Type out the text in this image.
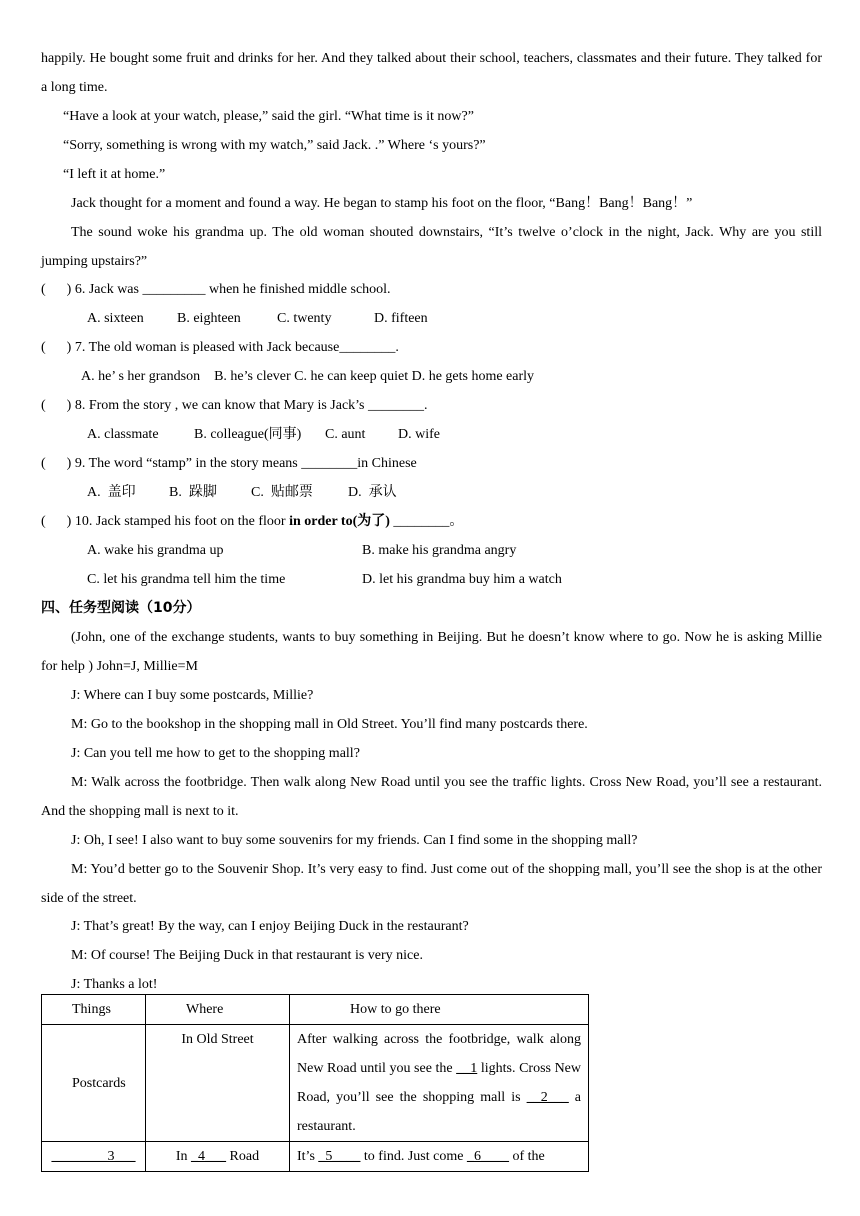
happily. He bought some fruit and drinks for her. And they talked about their school, teachers, classmates and their future. They talked for a long time.

“Have a look at your watch, please,” said the girl. “What time is it now?”

“Sorry, something is wrong with my watch,” said Jack. .” Where ‘s yours?”

“I left it at home.”

Jack thought for a moment and found a way. He began to stamp his foot on the floor, “Bang！Bang！Bang！”

The sound woke his grandma up. The old woman shouted downstairs, “It’s twelve o’clock in the night, Jack. Why are you still jumping upstairs?”

(      ) 6. Jack was _________ when he finished middle school.
A. sixteen B. eighteen	C. twenty	D. fifteen
(      ) 7. The old woman is pleased with Jack because________.
A. he’ s her grandson    B. he’s clever C. he can keep quiet D. he gets home early
(      ) 8. From the story , we can know that Mary is Jack’s ________.
A. classmate	B. colleague(同事) C. aunt D. wife
(      ) 9. The word “stamp” in the story means ________in Chinese
A.  盖印 B.  跺脚 C.  贴邮票	D.  承认
(      ) 10. Jack stamped his foot on the floor in order to(为了) ________。
A. wake his grandma up	B. make his grandma angry
C. let his grandma tell him the time	D. let his grandma buy him a watch
四、任务型阅读（10分）

(John, one of the exchange students, wants to buy something in Beijing. But he doesn’t know where to go. Now he is asking Millie for help ) John=J, Millie=M

J: Where can I buy some postcards, Millie?

M: Go to the bookshop in the shopping mall in Old Street. You’ll find many postcards there.

J: Can you tell me how to get to the shopping mall?

M: Walk across the footbridge. Then walk along New Road until you see the traffic lights. Cross New Road, you’ll see a restaurant. And the shopping mall is next to it.

J: Oh, I see! I also want to buy some souvenirs for my friends. Can I find some in the shopping mall?

M: You’d better go to the Souvenir Shop. It’s very easy to find. Just come out of the shopping mall, you’ll see the shop is at the other side of the street.

J: That’s great! By the way, can I enjoy Beijing Duck in the restaurant?

M: Of course! The Beijing Duck in that restaurant is very nice.

J: Thanks a lot!

Things	Where	How to go there
Postcards	In Old Street	After walking across the footbridge, walk along New Road until you see the __1 lights. Cross New Road, you’ll see the shopping mall is __2___ a restaurant.
________3___	In _4___ Road	It’s _5____ to find. Just come _6____ of the
